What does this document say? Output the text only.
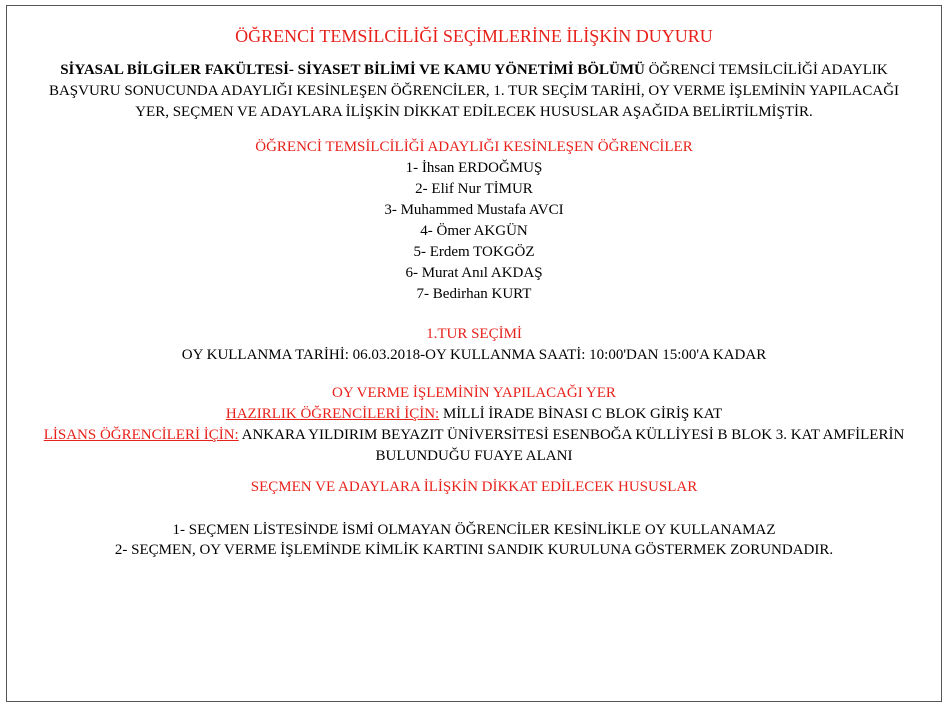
ÖĞRENCİ TEMSİLCİLİĞİ SEÇİMLERİNE İLİŞKİN DUYURU
SİYASAL BİLGİLER FAKÜLTESİ- SİYASET BİLİMİ VE KAMU YÖNETİMİ BÖLÜMÜ ÖĞRENCİ TEMSİLCİLİĞİ ADAYLIK BAŞVURU SONUCUNDA ADAYLIĞI KESİNLEŞEN ÖĞRENCİLER, 1. TUR SEÇİM TARİHİ, OY VERME İŞLEMİNİN YAPILACAĞI YER, SEÇMEN VE ADAYLARA İLİŞKİN DİKKAT EDİLECEK HUSUSLAR AŞAĞIDA BELİRTİLMİŞTİR.
ÖĞRENCİ TEMSİLCİLİĞİ ADAYLIĞI KESİNLEŞEN ÖĞRENCİLER
1- İhsan ERDOĞMUŞ
2- Elif Nur TİMUR
3- Muhammed Mustafa AVCI
4- Ömer AKGÜN
5- Erdem TOKGÖZ
6- Murat Anıl AKDAŞ
7- Bedirhan KURT
1.TUR SEÇİMİ
OY KULLANMA TARİHİ: 06.03.2018-OY KULLANMA SAATİ: 10:00'DAN 15:00'A KADAR
OY VERME İŞLEMİNİN YAPILACAĞI YER
HAZIRLIK ÖĞRENCİLERİ İÇİN: MİLLİ İRADE BİNASI C BLOK GİRİŞ KAT
LİSANS ÖĞRENCİLERİ İÇİN: ANKARA YILDIRIM BEYAZIT ÜNİVERSİTESİ ESENBOĞA KÜLLİYESİ B BLOK 3. KAT AMFİLERİN BULUNDUĞU FUAYE ALANI
SEÇMEN VE ADAYLARA İLİŞKİN DİKKAT EDİLECEK HUSUSLAR
1- SEÇMEN LİSTESİNDE İSMİ OLMAYAN ÖĞRENCİLER KESİNLİKLE OY KULLANAMAZ
2- SEÇMEN, OY VERME İŞLEMİNDE KİMLİK KARTINI SANDIK KURULUNA GÖSTERMEK ZORUNDADIR.
